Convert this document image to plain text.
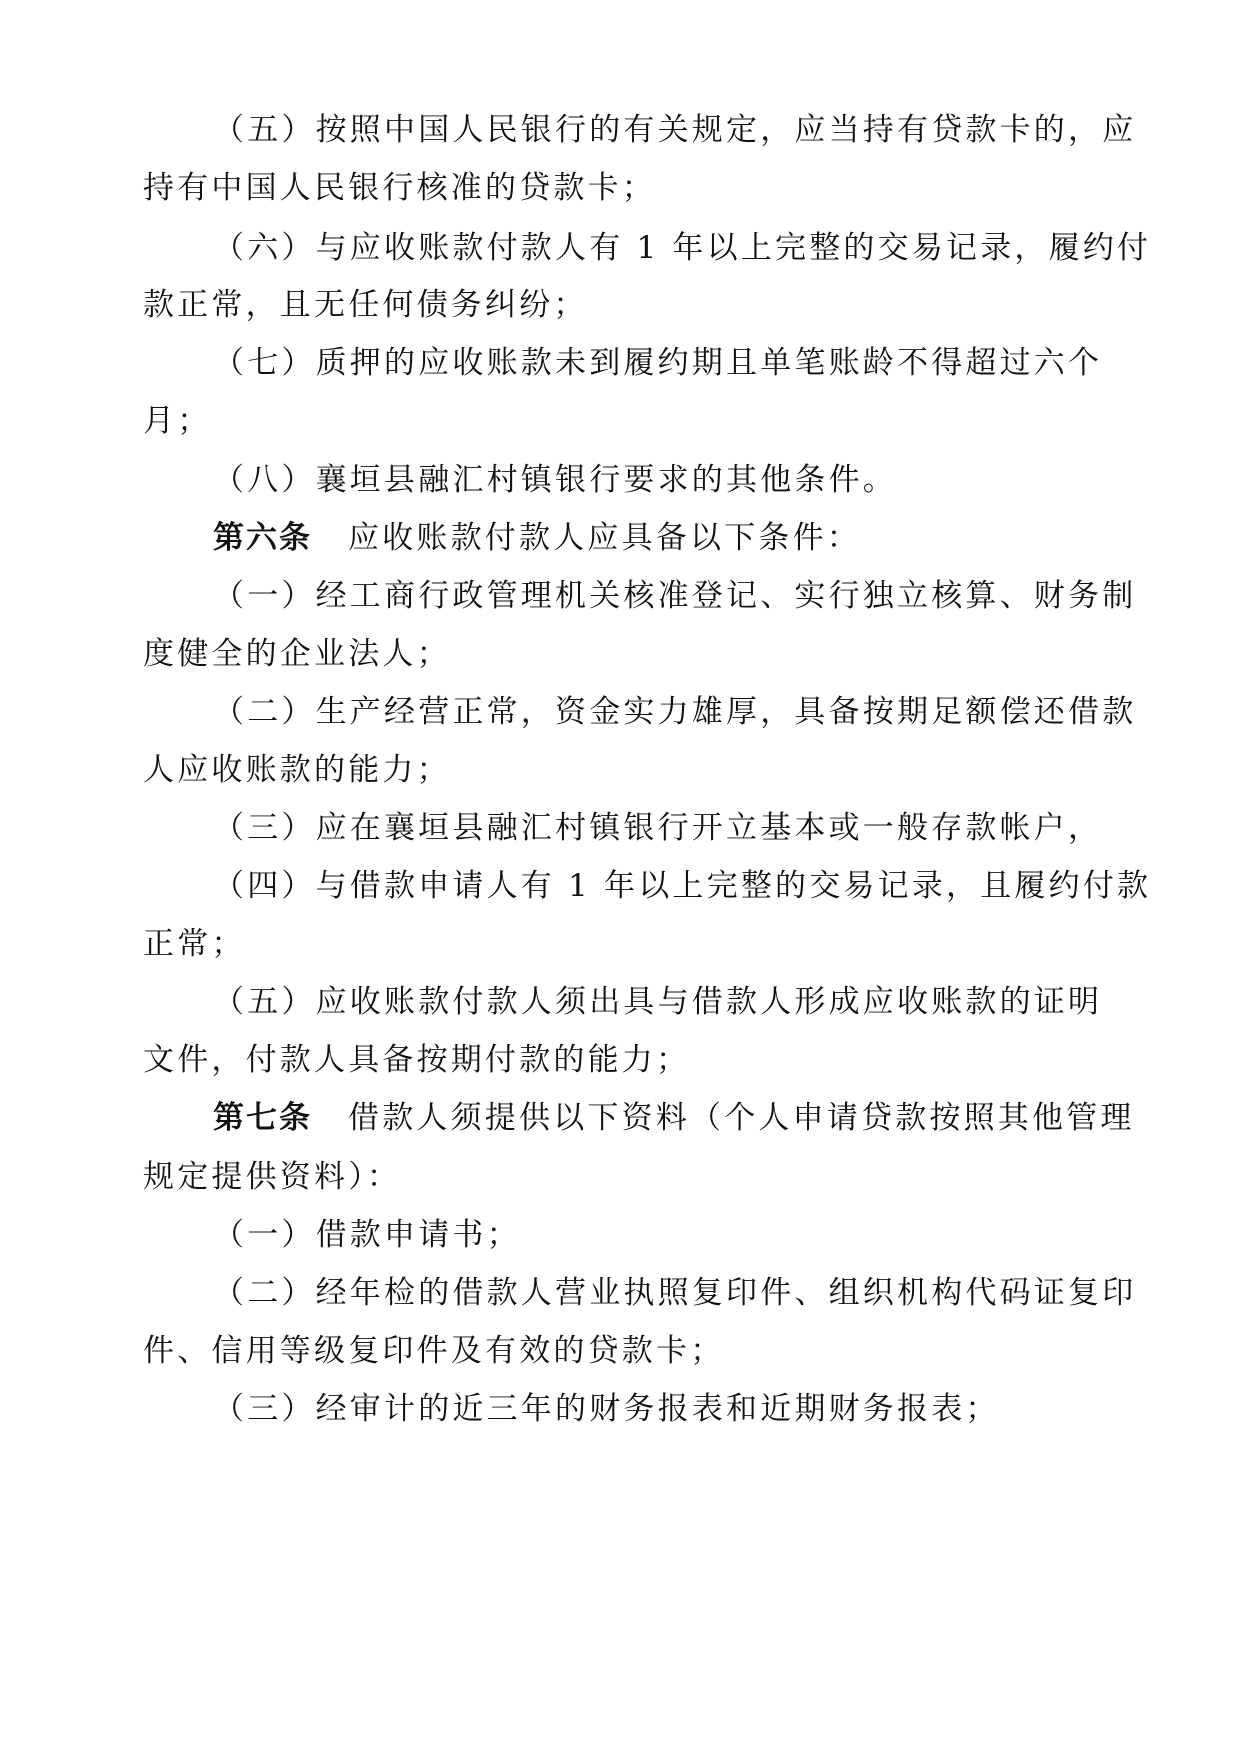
（五）按照中国人民银行的有关规定，应当持有贷款卡的，应
持有中国人民银行核准的贷款卡；
（六）与应收账款付款人有 1 年以上完整的交易记录，履约付
款正常，且无任何债务纠纷；
（七）质押的应收账款未到履约期且单笔账龄不得超过六个
月；
（八）襄垣县融汇村镇银行要求的其他条件。
第六条 应收账款付款人应具备以下条件：
（一）经工商行政管理机关核准登记、实行独立核算、财务制
度健全的企业法人；
（二）生产经营正常，资金实力雄厚，具备按期足额偿还借款
人应收账款的能力；
（三）应在襄垣县融汇村镇银行开立基本或一般存款帐户，
（四）与借款申请人有 1 年以上完整的交易记录，且履约付款
正常；
（五）应收账款付款人须出具与借款人形成应收账款的证明
文件，付款人具备按期付款的能力；
第七条 借款人须提供以下资料（个人申请贷款按照其他管理
规定提供资料）：
（一）借款申请书；
（二）经年检的借款人营业执照复印件、组织机构代码证复印
件、信用等级复印件及有效的贷款卡；
（三）经审计的近三年的财务报表和近期财务报表；
